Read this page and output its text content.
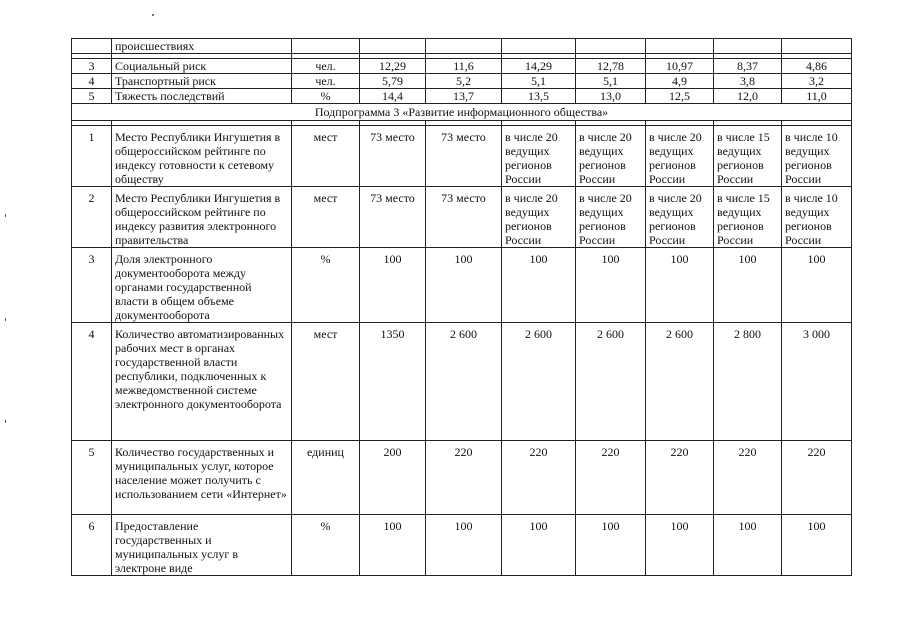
	происшествиях								

3	Социальный риск	чел.	12,29	11,6	14,29	12,78	10,97	8,37	4,86
4	Транспортный риск	чел.	5,79	5,2	5,1	5,1	4,9	3,8	3,2
5	Тяжесть последствий	%	14,4	13,7	13,5	13,0	12,5	12,0	11,0
Подпрограмма 3 «Развитие информационного общества»									

1	Место Республики Ингушетия в общероссийском рейтинге по индексу готовности к сетевому обществу	мест	73 место	73 место	в числе 20 ведущих регионов России	в числе 20 ведущих регионов России	в числе 20 ведущих регионов России	в числе 15 ведущих регионов России	в числе 10 ведущих регионов России
2	Место Республики Ингушетия в общероссийском рейтинге по индексу развития электронного правительства	мест	73 место	73 место	в числе 20 ведущих регионов России	в числе 20 ведущих регионов России	в числе 20 ведущих регионов России	в числе 15 ведущих регионов России	в числе 10 ведущих регионов России
3	Доля электронного документооборота между органами государственной власти в общем объеме документооборота	%	100	100	100	100	100	100	100
4	Количество автоматизированных рабочих мест в органах государственной власти республики, подключенных к межведомственной системе электронного документооборота	мест	1350	2 600	2 600	2 600	2 600	2 800	3 000
5	Количество государственных и муниципальных услуг, которое население может получить с использованием сети «Интернет»	единиц	200	220	220	220	220	220	220
6	Предоставление государственных и муниципальных услуг в электроне виде	%	100	100	100	100	100	100	100
